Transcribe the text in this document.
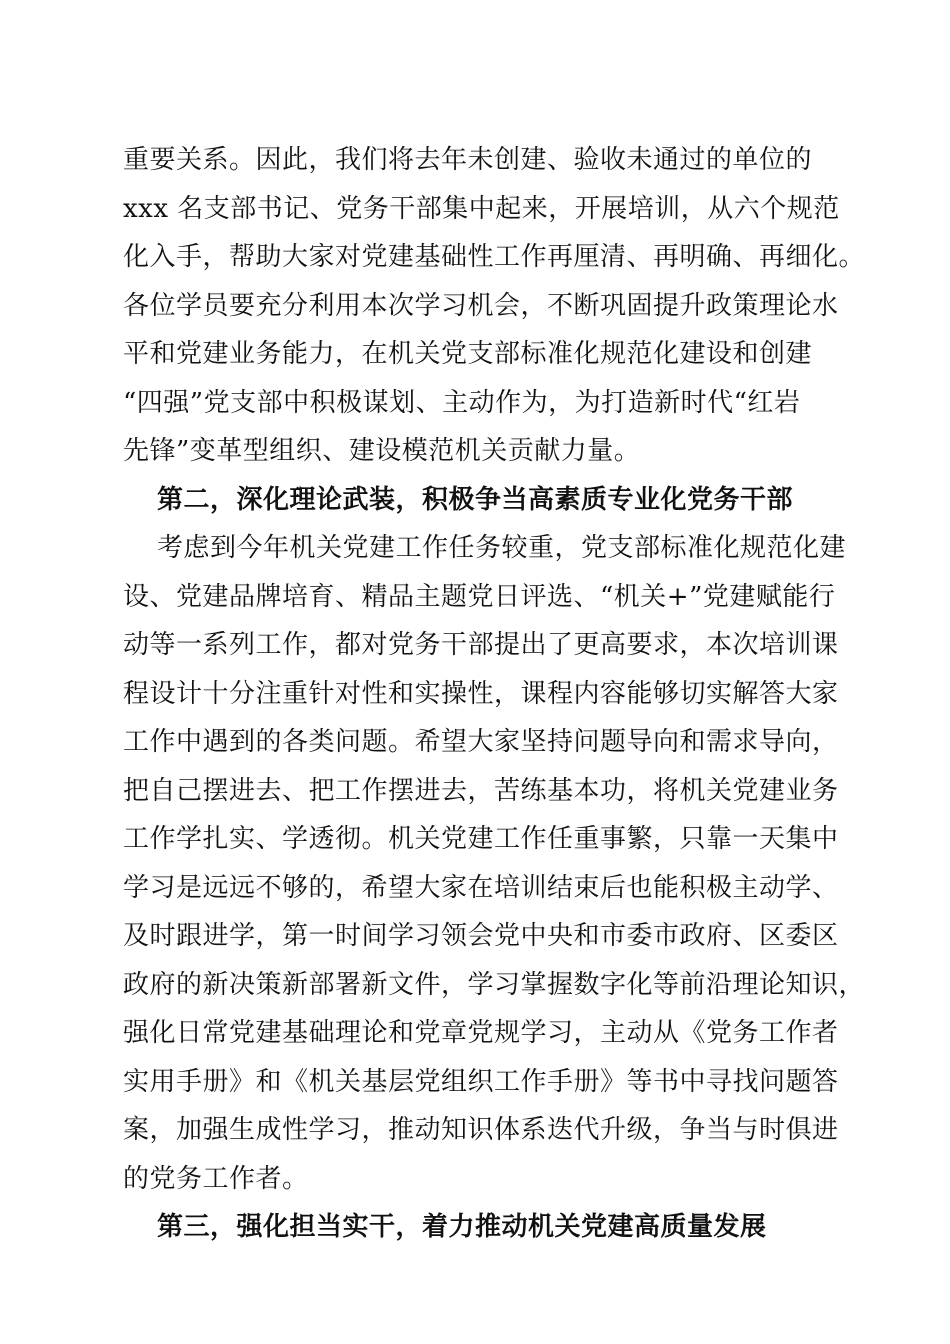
重要关系。因此，我们将去年未创建、验收未通过的单位的
xxx 名支部书记、党务干部集中起来，开展培训，从六个规范
化入手，帮助大家对党建基础性工作再厘清、再明确、再细化。
各位学员要充分利用本次学习机会，不断巩固提升政策理论水
平和党建业务能力，在机关党支部标准化规范化建设和创建
“四强”党支部中积极谋划、主动作为，为打造新时代“红岩
先锋”变革型组织、建设模范机关贡献力量。
第二，深化理论武装，积极争当高素质专业化党务干部
考虑到今年机关党建工作任务较重，党支部标准化规范化建
设、党建品牌培育、精品主题党日评选、“机关+”党建赋能行
动等一系列工作，都对党务干部提出了更高要求，本次培训课
程设计十分注重针对性和实操性，课程内容能够切实解答大家
工作中遇到的各类问题。希望大家坚持问题导向和需求导向，
把自己摆进去、把工作摆进去，苦练基本功，将机关党建业务
工作学扎实、学透彻。机关党建工作任重事繁，只靠一天集中
学习是远远不够的，希望大家在培训结束后也能积极主动学、
及时跟进学，第一时间学习领会党中央和市委市政府、区委区
政府的新决策新部署新文件，学习掌握数字化等前沿理论知识，
强化日常党建基础理论和党章党规学习，主动从《党务工作者
实用手册》和《机关基层党组织工作手册》等书中寻找问题答
案，加强生成性学习，推动知识体系迭代升级，争当与时俱进
的党务工作者。
第三，强化担当实干，着力推动机关党建高质量发展
